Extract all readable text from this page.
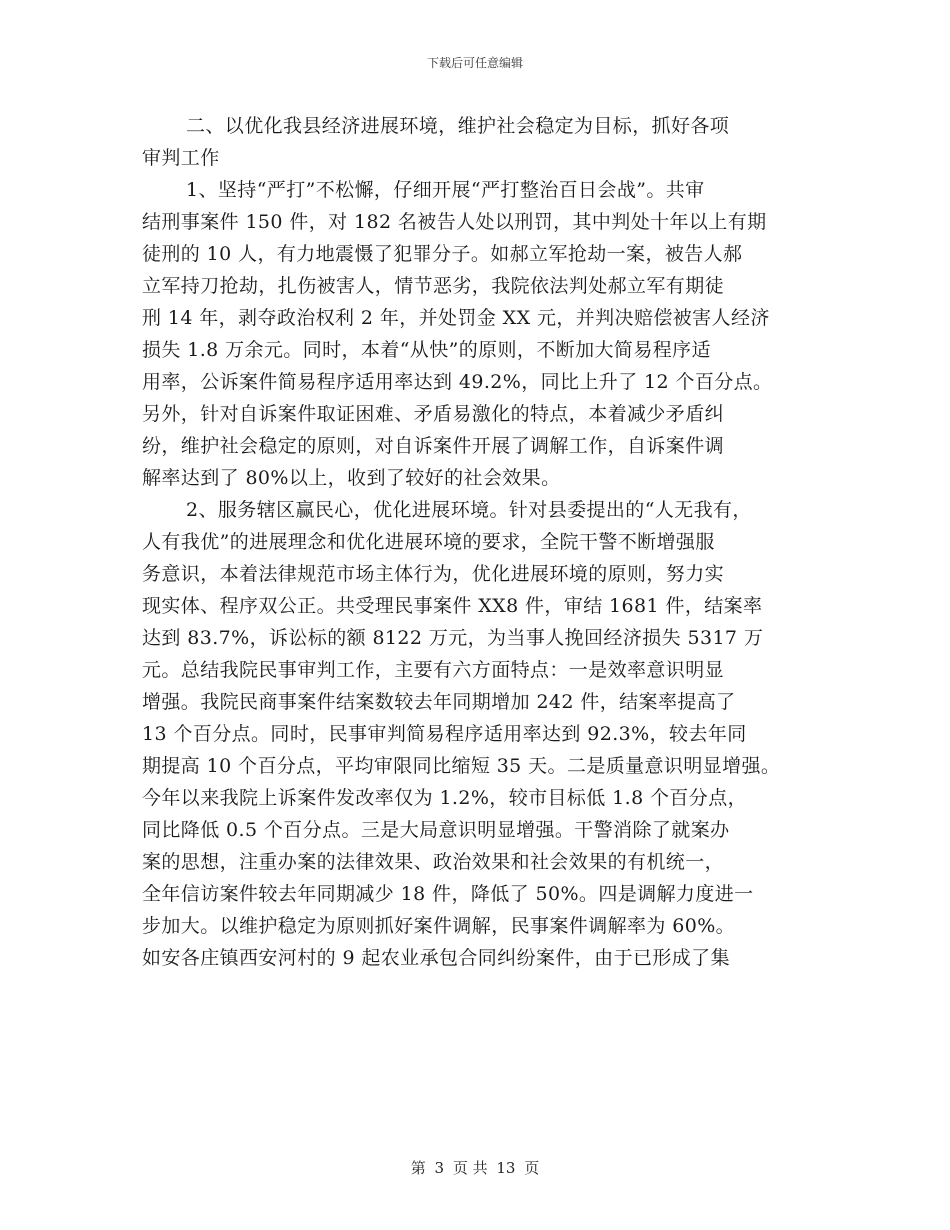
下载后可任意编辑
二、以优化我县经济进展环境，维护社会稳定为目标，抓好各项
审判工作
1、坚持“严打”不松懈，仔细开展“严打整治百日会战”。共审
结刑事案件 150 件，对 182 名被告人处以刑罚，其中判处十年以上有期
徒刑的 10 人，有力地震慑了犯罪分子。如郝立军抢劫一案，被告人郝
立军持刀抢劫，扎伤被害人，情节恶劣，我院依法判处郝立军有期徒
刑 14 年，剥夺政治权利 2 年，并处罚金 XX 元，并判决赔偿被害人经济
损失 1.8 万余元。同时，本着“从快”的原则，不断加大简易程序适
用率，公诉案件简易程序适用率达到 49.2%，同比上升了 12 个百分点。
另外，针对自诉案件取证困难、矛盾易激化的特点，本着减少矛盾纠
纷，维护社会稳定的原则，对自诉案件开展了调解工作，自诉案件调
解率达到了 80%以上，收到了较好的社会效果。
2、服务辖区赢民心，优化进展环境。针对县委提出的“人无我有，
人有我优”的进展理念和优化进展环境的要求，全院干警不断增强服
务意识，本着法律规范市场主体行为，优化进展环境的原则，努力实
现实体、程序双公正。共受理民事案件 XX8 件，审结 1681 件，结案率
达到 83.7%，诉讼标的额 8122 万元，为当事人挽回经济损失 5317 万
元。总结我院民事审判工作，主要有六方面特点：一是效率意识明显
增强。我院民商事案件结案数较去年同期增加 242 件，结案率提高了
13 个百分点。同时，民事审判简易程序适用率达到 92.3%，较去年同
期提高 10 个百分点，平均审限同比缩短 35 天。二是质量意识明显增强。
今年以来我院上诉案件发改率仅为 1.2%，较市目标低 1.8 个百分点，
同比降低 0.5 个百分点。三是大局意识明显增强。干警消除了就案办
案的思想，注重办案的法律效果、政治效果和社会效果的有机统一，
全年信访案件较去年同期减少 18 件，降低了 50%。四是调解力度进一
步加大。以维护稳定为原则抓好案件调解，民事案件调解率为 60%。
如安各庄镇西安河村的 9 起农业承包合同纠纷案件，由于已形成了集
第 3 页 共 13 页
